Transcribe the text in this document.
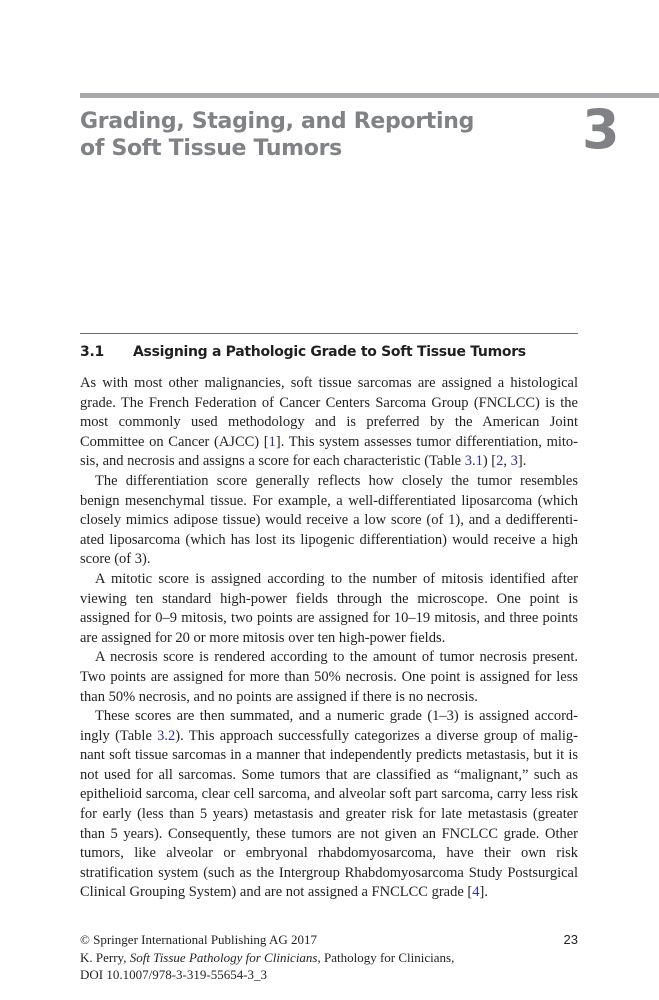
Grading, Staging, and Reporting
of Soft Tissue Tumors	3
3.1 Assigning a Pathologic Grade to Soft Tissue Tumors

As with most other malignancies, soft tissue sarcomas are assigned a histological grade. The French Federation of Cancer Centers Sarcoma Group (FNCLCC) is the most commonly used methodology and is preferred by the American Joint Committee on Cancer (AJCC) [1]. This system assesses tumor differentiation, mitosis, and necrosis and assigns a score for each characteristic (Table 3.1) [2, 3].

The differentiation score generally reflects how closely the tumor resembles benign mesenchymal tissue. For example, a well-differentiated liposarcoma (which closely mimics adipose tissue) would receive a low score (of 1), and a dedifferentiated liposarcoma (which has lost its lipogenic differentiation) would receive a high score (of 3).

A mitotic score is assigned according to the number of mitosis identified after viewing ten standard high-power fields through the microscope. One point is assigned for 0–9 mitosis, two points are assigned for 10–19 mitosis, and three points are assigned for 20 or more mitosis over ten high-power fields.

A necrosis score is rendered according to the amount of tumor necrosis present. Two points are assigned for more than 50% necrosis. One point is assigned for less than 50% necrosis, and no points are assigned if there is no necrosis.

These scores are then summated, and a numeric grade (1–3) is assigned accordingly (Table 3.2). This approach successfully categorizes a diverse group of malignant soft tissue sarcomas in a manner that independently predicts metastasis, but it is not used for all sarcomas. Some tumors that are classified as “malignant,” such as epithelioid sarcoma, clear cell sarcoma, and alveolar soft part sarcoma, carry less risk for early (less than 5 years) metastasis and greater risk for late metastasis (greater than 5 years). Consequently, these tumors are not given an FNCLCC grade. Other tumors, like alveolar or embryonal rhabdomyosarcoma, have their own risk stratification system (such as the Intergroup Rhabdomyosarcoma Study Postsurgical Clinical Grouping System) and are not assigned a FNCLCC grade [4].

© Springer International Publishing AG 2017
K. Perry, Soft Tissue Pathology for Clinicians, Pathology for Clinicians,
DOI 10.1007/978-3-319-55654-3_3
23
